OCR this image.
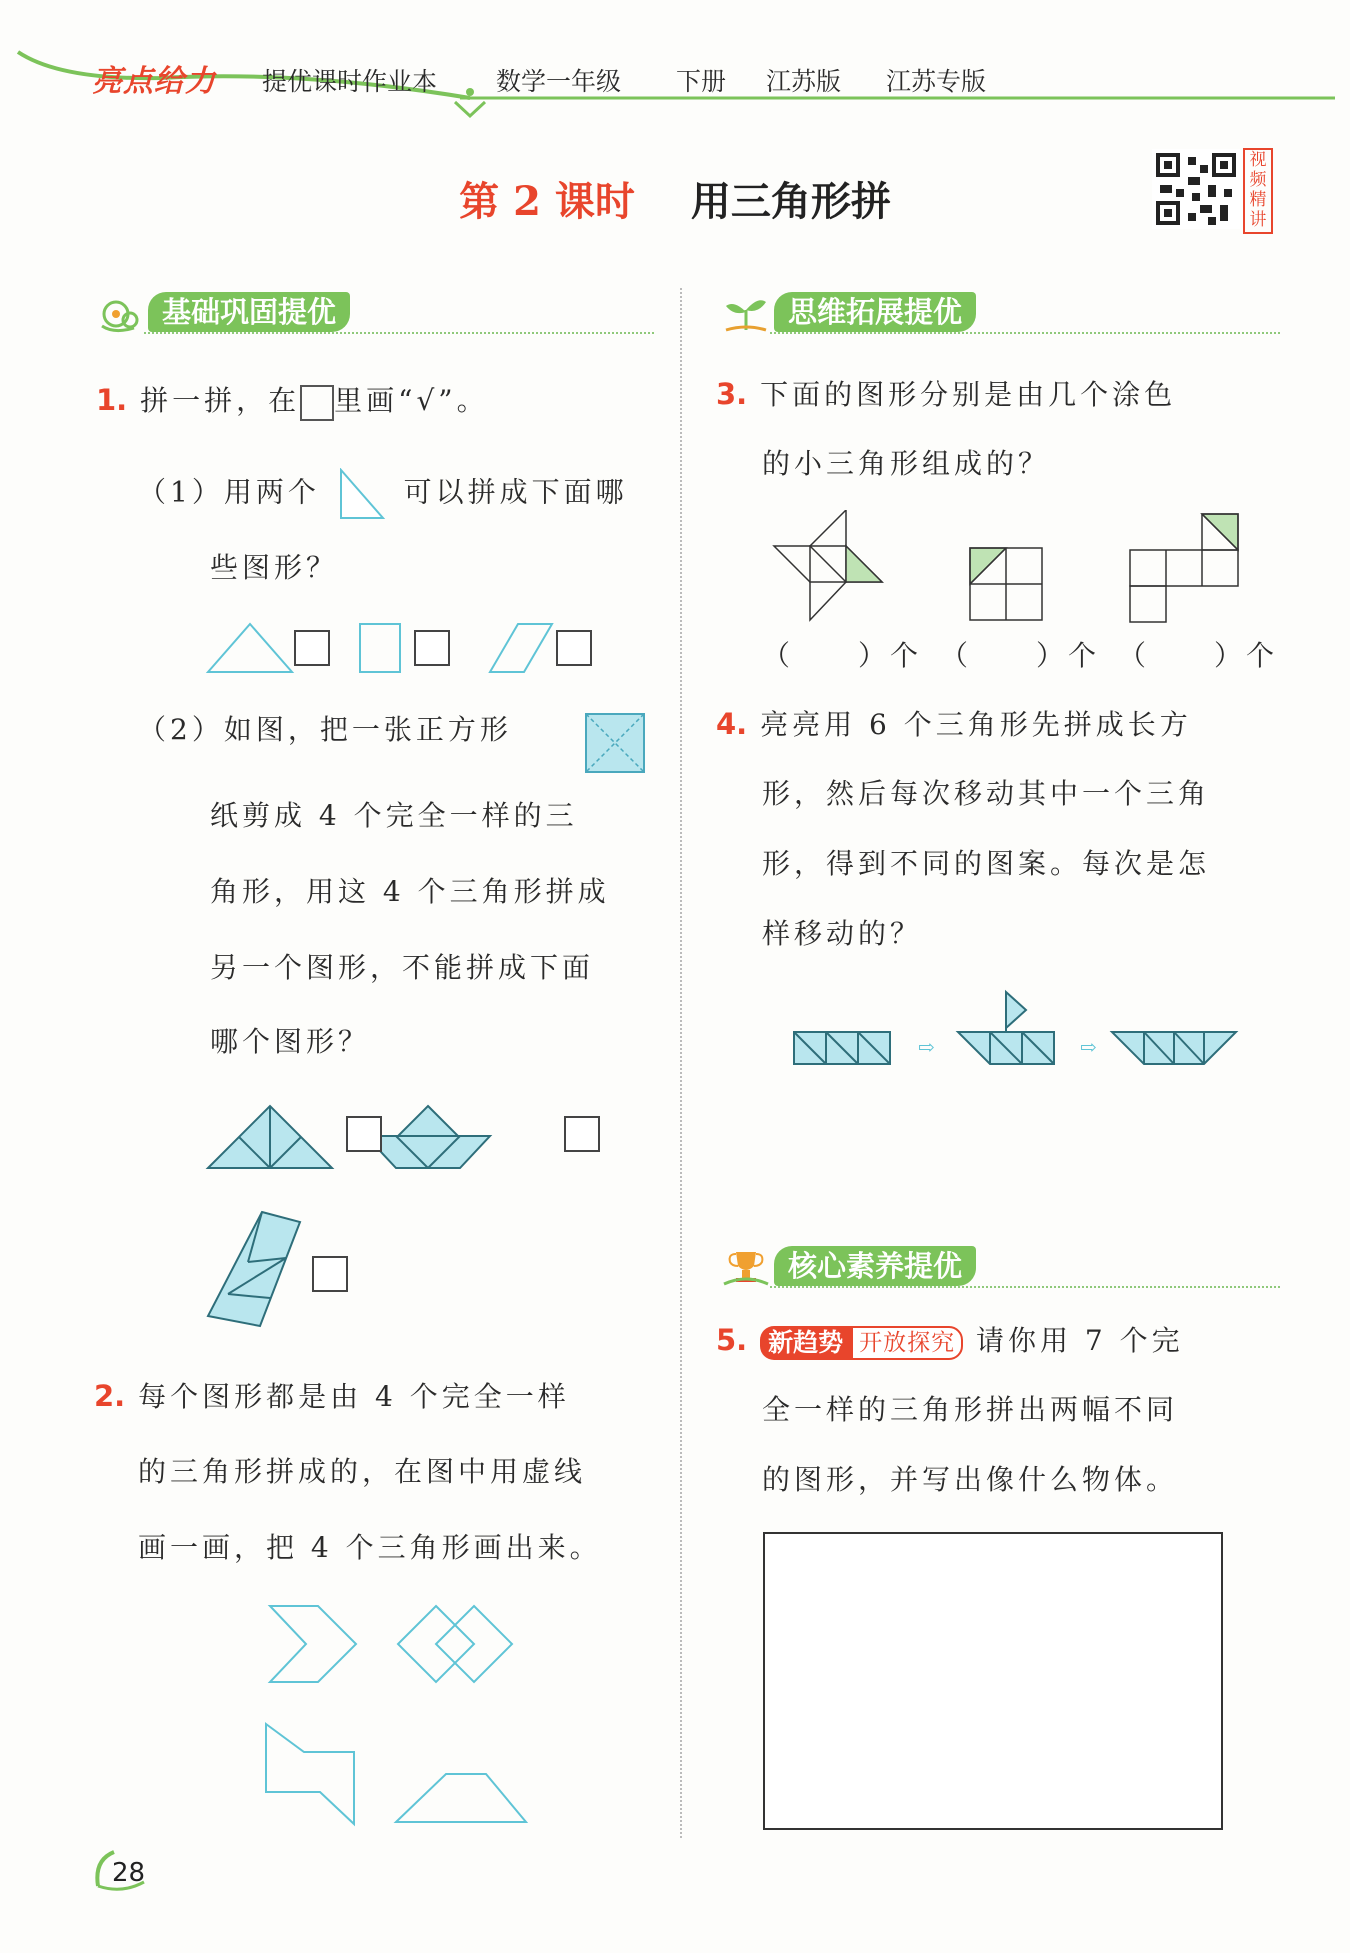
亮点给力 提优课时作业本 数学一年级 下册 江苏版 江苏专版
第 2 课时 用三角形拼
视
频
精
讲
基础巩固提优
1. 拼一拼，在 里画“√”。
（1）用两个	可以拼成下面哪
些图形？
（2）如图，把一张正方形
纸剪成 4 个完全一样的三
角形，用这 4 个三角形拼成
另一个图形，不能拼成下面
哪个图形？
2. 每个图形都是由 4 个完全一样
的三角形拼成的，在图中用虚线
画一画，把 4 个三角形画出来。
思维拓展提优
3. 下面的图形分别是由几个涂色
的小三角形组成的？
（　　）个 （　　）个 （　　）个
4. 亮亮用 6 个三角形先拼成长方
形，然后每次移动其中一个三角
形，得到不同的图案。每次是怎
样移动的？
⇨	⇨
核心素养提优
5. 新趋势 开放探究 请你用 7 个完
全一样的三角形拼出两幅不同
的图形，并写出像什么物体。
28
